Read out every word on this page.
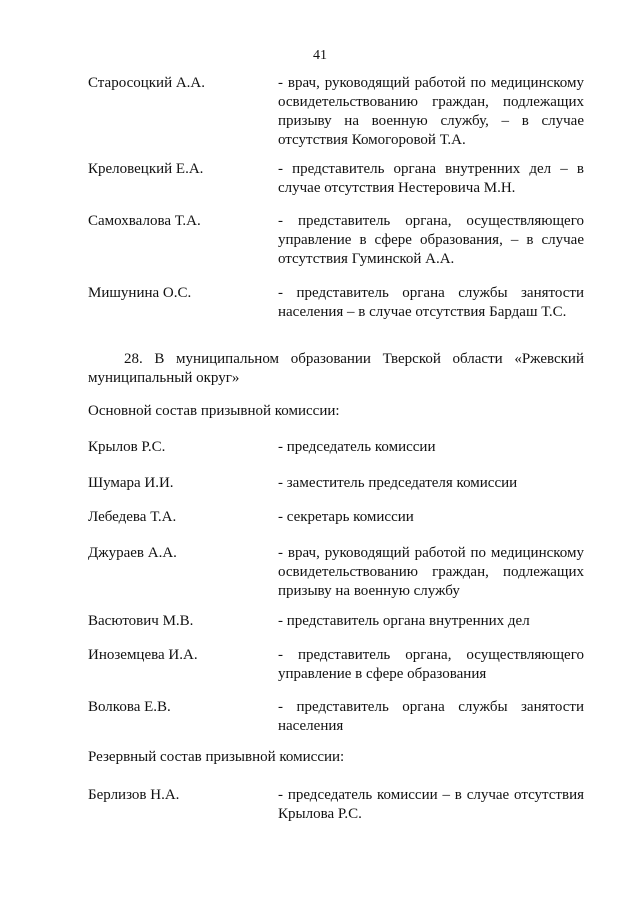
41
Старосоцкий А.А.	- врач, руководящий работой по медицинскому освидетельствованию граждан, подлежащих призыву на военную службу, – в случае отсутствия Комогоровой Т.А.
Креловецкий Е.А.	- представитель органа внутренних дел – в случае отсутствия Нестеровича М.Н.
Самохвалова Т.А.	- представитель органа, осуществляющего управление в сфере образования, – в случае отсутствия Гуминской А.А.
Мишунина О.С.	- представитель органа службы занятости населения – в случае отсутствия Бардаш Т.С.
28. В муниципальном образовании Тверской области «Ржевский муниципальный округ»
Основной состав призывной комиссии:
Крылов Р.С.	- председатель комиссии
Шумара И.И.	- заместитель председателя комиссии
Лебедева Т.А.	- секретарь комиссии
Джураев А.А.	- врач, руководящий работой по медицинскому освидетельствованию граждан, подлежащих призыву на военную службу
Васютович М.В.	- представитель органа внутренних дел
Иноземцева И.А.	- представитель органа, осуществляющего управление в сфере образования
Волкова Е.В.	- представитель органа службы занятости населения
Резервный состав призывной комиссии:
Берлизов Н.А.	- председатель комиссии – в случае отсутствия Крылова Р.С.
